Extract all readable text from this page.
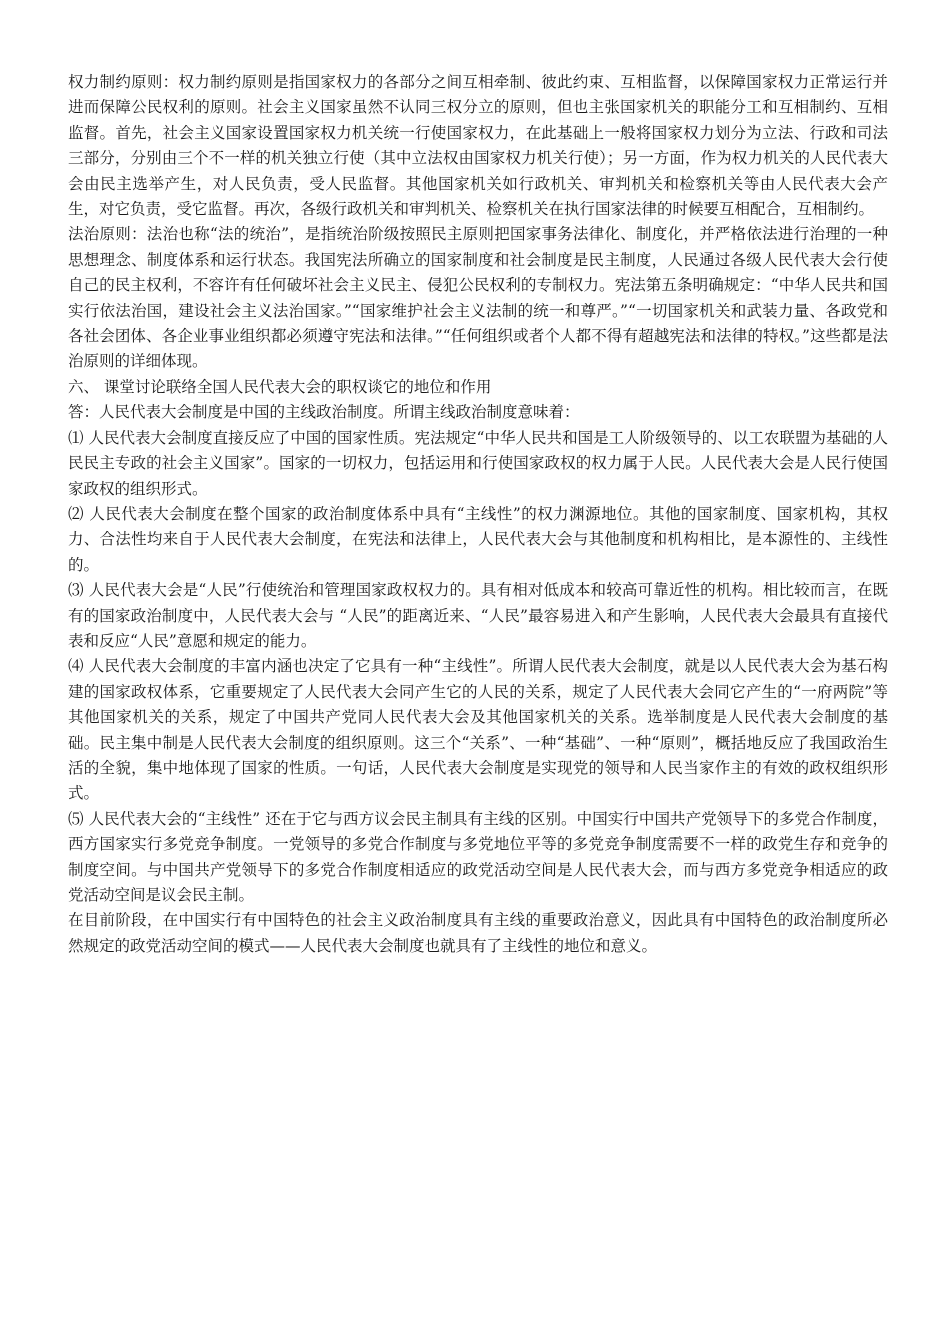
权力制约原则：权力制约原则是指国家权力的各部分之间互相牵制、彼此约束、互相监督，以保障国家权力正常运行并进而保障公民权利的原则。社会主义国家虽然不认同三权分立的原则，但也主张国家机关的职能分工和互相制约、互相监督。首先，社会主义国家设置国家权力机关统一行使国家权力，在此基础上一般将国家权力划分为立法、行政和司法三部分，分别由三个不一样的机关独立行使（其中立法权由国家权力机关行使）；另一方面，作为权力机关的人民代表大会由民主选举产生，对人民负责，受人民监督。其他国家机关如行政机关、审判机关和检察机关等由人民代表大会产生，对它负责，受它监督。再次，各级行政机关和审判机关、检察机关在执行国家法律的时候要互相配合，互相制约。

法治原则：法治也称“法的统治”，是指统治阶级按照民主原则把国家事务法律化、制度化，并严格依法进行治理的一种思想理念、制度体系和运行状态。我国宪法所确立的国家制度和社会制度是民主制度，人民通过各级人民代表大会行使自己的民主权利，不容许有任何破坏社会主义民主、侵犯公民权利的专制权力。宪法第五条明确规定：“中华人民共和国实行依法治国，建设社会主义法治国家。”“国家维护社会主义法制的统一和尊严。”“一切国家机关和武装力量、各政党和各社会团体、各企业事业组织都必须遵守宪法和法律。”“任何组织或者个人都不得有超越宪法和法律的特权。”这些都是法治原则的详细体现。

六、 课堂讨论联络全国人民代表大会的职权谈它的地位和作用

答：人民代表大会制度是中国的主线政治制度。所谓主线政治制度意味着：

⑴ 人民代表大会制度直接反应了中国的国家性质。宪法规定“中华人民共和国是工人阶级领导的、以工农联盟为基础的人民民主专政的社会主义国家”。国家的一切权力，包括运用和行使国家政权的权力属于人民。人民代表大会是人民行使国家政权的组织形式。

⑵ 人民代表大会制度在整个国家的政治制度体系中具有“主线性”的权力渊源地位。其他的国家制度、国家机构，其权力、合法性均来自于人民代表大会制度，在宪法和法律上，人民代表大会与其他制度和机构相比，是本源性的、主线性的。

⑶ 人民代表大会是“人民”行使统治和管理国家政权权力的。具有相对低成本和较高可靠近性的机构。相比较而言，在既有的国家政治制度中，人民代表大会与 “人民”的距离近来、“人民”最容易进入和产生影响，人民代表大会最具有直接代表和反应“人民”意愿和规定的能力。

⑷ 人民代表大会制度的丰富内涵也决定了它具有一种“主线性”。所谓人民代表大会制度，就是以人民代表大会为基石构建的国家政权体系，它重要规定了人民代表大会同产生它的人民的关系，规定了人民代表大会同它产生的“一府两院”等其他国家机关的关系，规定了中国共产党同人民代表大会及其他国家机关的关系。选举制度是人民代表大会制度的基础。民主集中制是人民代表大会制度的组织原则。这三个“关系”、一种“基础”、一种“原则”，概括地反应了我国政治生活的全貌，集中地体现了国家的性质。一句话，人民代表大会制度是实现党的领导和人民当家作主的有效的政权组织形式。

⑸ 人民代表大会的“主线性” 还在于它与西方议会民主制具有主线的区别。中国实行中国共产党领导下的多党合作制度，西方国家实行多党竞争制度。一党领导的多党合作制度与多党地位平等的多党竞争制度需要不一样的政党生存和竞争的制度空间。与中国共产党领导下的多党合作制度相适应的政党活动空间是人民代表大会，而与西方多党竞争相适应的政党活动空间是议会民主制。

在目前阶段，在中国实行有中国特色的社会主义政治制度具有主线的重要政治意义，因此具有中国特色的政治制度所必然规定的政党活动空间的模式——人民代表大会制度也就具有了主线性的地位和意义。
